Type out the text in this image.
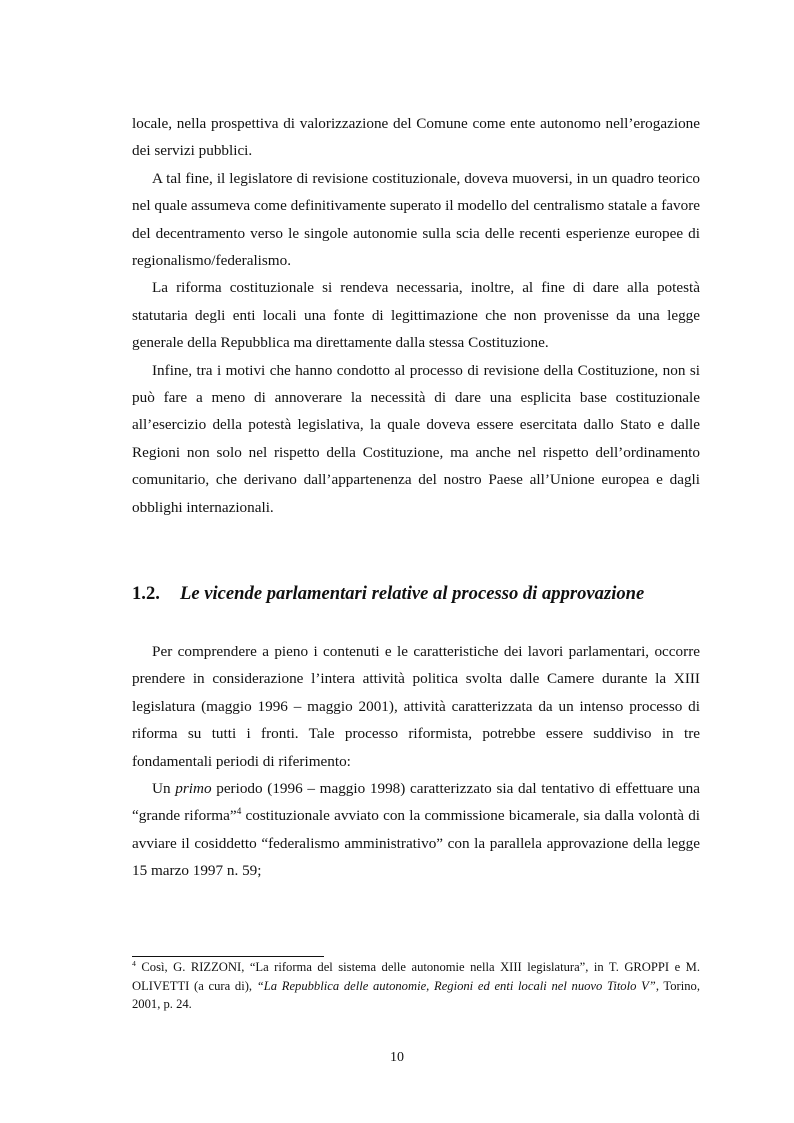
locale, nella prospettiva di valorizzazione del Comune come ente autonomo nell’erogazione dei servizi pubblici.

A tal fine, il legislatore di revisione costituzionale, doveva muoversi, in un quadro teorico nel quale assumeva come definitivamente superato il modello del centralismo statale a favore del decentramento verso le singole autonomie sulla scia delle recenti esperienze europee di regionalismo/federalismo.

La riforma costituzionale si rendeva necessaria, inoltre, al fine di dare alla potestà statutaria degli enti locali una fonte di legittimazione che non provenisse da una legge generale della Repubblica ma direttamente dalla stessa Costituzione.

Infine, tra i motivi che hanno condotto al processo di revisione della Costituzione, non si può fare a meno di annoverare la necessità di dare una esplicita base costituzionale all’esercizio della potestà legislativa, la quale doveva essere esercitata dallo Stato e dalle Regioni non solo nel rispetto della Costituzione, ma anche nel rispetto dell’ordinamento comunitario, che derivano dall’appartenenza del nostro Paese all’Unione europea e dagli obblighi internazionali.

1.2. Le vicende parlamentari relative al processo di approvazione

Per comprendere a pieno i contenuti e le caratteristiche dei lavori parlamentari, occorre prendere in considerazione l’intera attività politica svolta dalle Camere durante la XIII legislatura (maggio 1996 – maggio 2001), attività caratterizzata da un intenso processo di riforma su tutti i fronti. Tale processo riformista, potrebbe essere suddiviso in tre fondamentali periodi di riferimento:

Un primo periodo (1996 – maggio 1998) caratterizzato sia dal tentativo di effettuare una “grande riforma”$^4$ costituzionale avviato con la commissione bicamerale, sia dalla volontà di avviare il cosiddetto “federalismo amministrativo” con la parallela approvazione della legge 15 marzo 1997 n. 59;

$^4$ Così, G. RIZZONI, “La riforma del sistema delle autonomie nella XIII legislatura”, in T. GROPPI e M. OLIVETTI (a cura di), “La Repubblica delle autonomie, Regioni ed enti locali nel nuovo Titolo V”, Torino, 2001, p. 24.

10
